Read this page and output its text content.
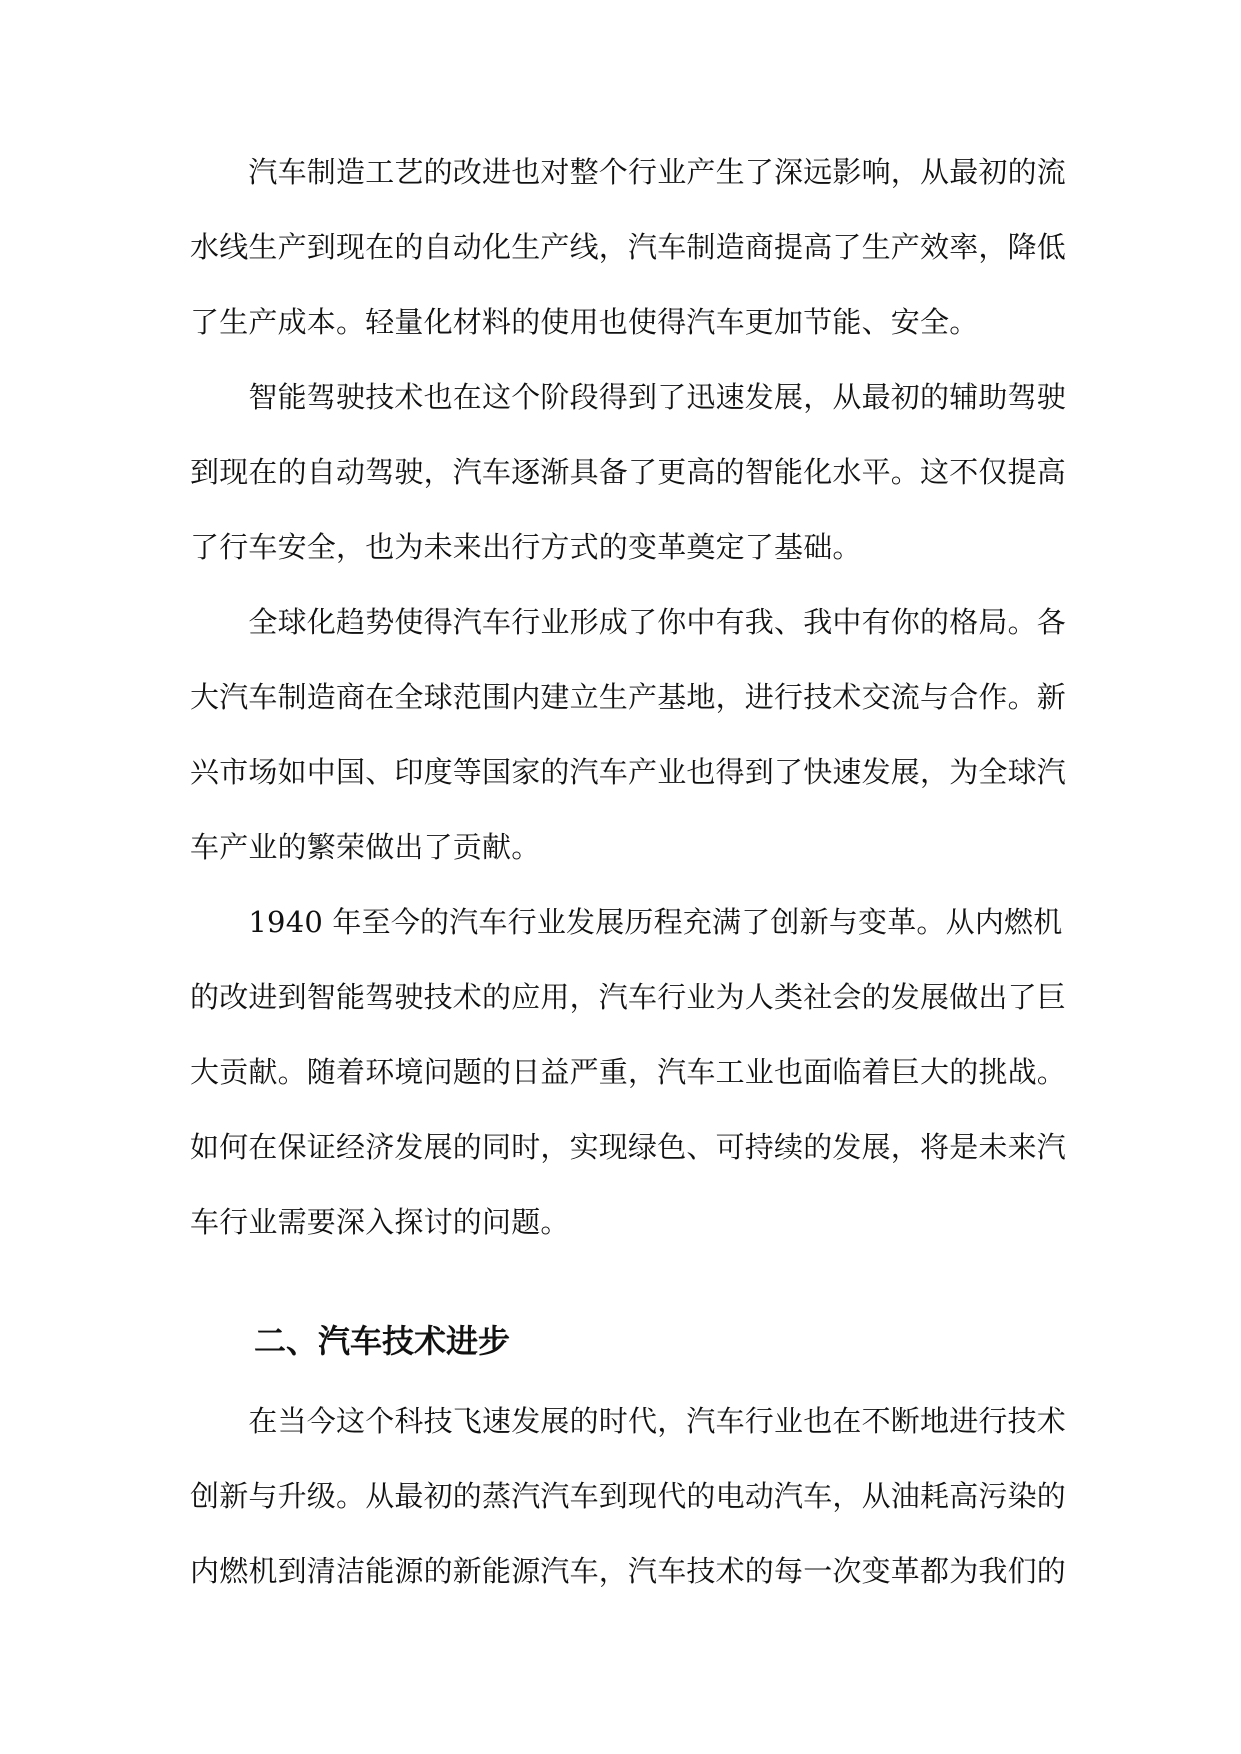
　　汽车制造工艺的改进也对整个行业产生了深远影响，从最初的流
水线生产到现在的自动化生产线，汽车制造商提高了生产效率，降低
了生产成本。轻量化材料的使用也使得汽车更加节能、安全。
　　智能驾驶技术也在这个阶段得到了迅速发展，从最初的辅助驾驶
到现在的自动驾驶，汽车逐渐具备了更高的智能化水平。这不仅提高
了行车安全，也为未来出行方式的变革奠定了基础。
　　全球化趋势使得汽车行业形成了你中有我、我中有你的格局。各
大汽车制造商在全球范围内建立生产基地，进行技术交流与合作。新
兴市场如中国、印度等国家的汽车产业也得到了快速发展，为全球汽
车产业的繁荣做出了贡献。
　　1940 年至今的汽车行业发展历程充满了创新与变革。从内燃机
的改进到智能驾驶技术的应用，汽车行业为人类社会的发展做出了巨
大贡献。随着环境问题的日益严重，汽车工业也面临着巨大的挑战。
如何在保证经济发展的同时，实现绿色、可持续的发展，将是未来汽
车行业需要深入探讨的问题。
二、汽车技术进步
　　在当今这个科技飞速发展的时代，汽车行业也在不断地进行技术
创新与升级。从最初的蒸汽汽车到现代的电动汽车，从油耗高污染的
内燃机到清洁能源的新能源汽车，汽车技术的每一次变革都为我们的
